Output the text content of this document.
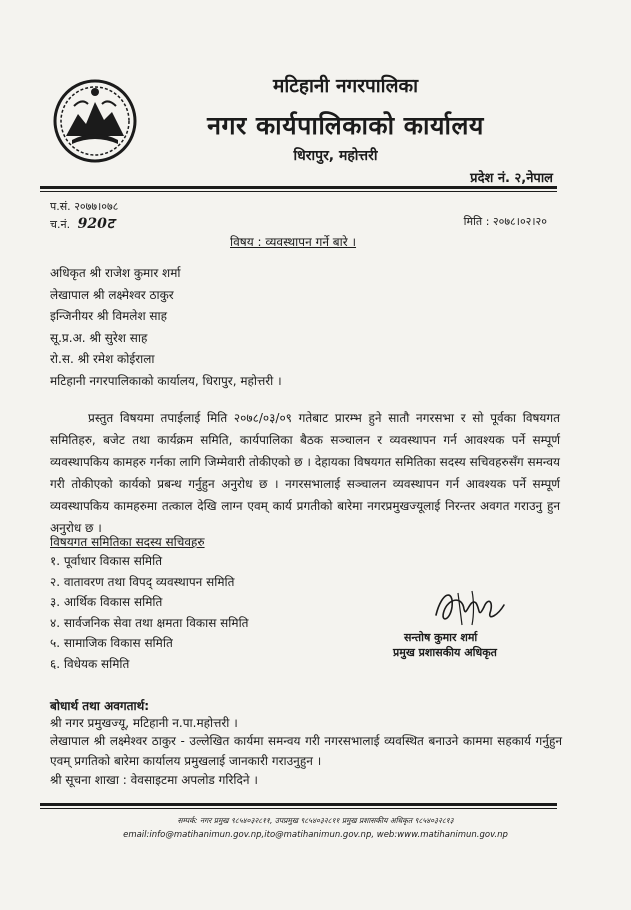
मटिहानी नगरपालिका
नगर कार्यपालिकाको कार्यालय
धिरापुर, महोत्तरी
प्रदेश नं. २,नेपाल
प.सं. २०७७।०७८
च.नं. 920ट	मिति : २०७८।०२।२०
विषय : व्यवस्थापन गर्ने बारे ।
अधिकृत श्री राजेश कुमार शर्मा
लेखापाल श्री लक्ष्मेश्वर ठाकुर
इन्जिनीयर श्री विमलेश साह
सू.प्र.अ. श्री सुरेश साह
रो.स. श्री रमेश कोईराला
मटिहानी नगरपालिकाको कार्यालय, धिरापुर, महोत्तरी ।
प्रस्तुत विषयमा तपाईलाई मिति २०७८/०३/०९ गतेबाट प्रारम्भ हुने सातौ नगरसभा र सो पूर्वका विषयगत समितिहरु, बजेट तथा कार्यक्रम समिति, कार्यपालिका बैठक सञ्चालन र व्यवस्थापन गर्न आवश्यक पर्ने सम्पूर्ण व्यवस्थापकिय कामहरु गर्नका लागि जिम्मेवारी तोकीएको छ । देहायका विषयगत समितिका सदस्य सचिवहरुसँग समन्वय गरी तोकीएको कार्यको प्रबन्ध गर्नुहुन अनुरोध छ । नगरसभालाई सञ्चालन व्यवस्थापन गर्न आवश्यक पर्ने सम्पूर्ण व्यवस्थापकिय कामहरुमा तत्काल देखि लाग्न एवम् कार्य प्रगतीको बारेमा नगरप्रमुखज्यूलाई निरन्तर अवगत गराउनु हुन अनुरोध छ ।
विषयगत समितिका सदस्य सचिवहरु
१. पूर्वाधार विकास समिति
२. वातावरण तथा विपद् व्यवस्थापन समिति
३. आर्थिक विकास समिति
४. सार्वजनिक सेवा तथा क्षमता विकास समिति
५. सामाजिक विकास समिति
६. विधेयक समिति
सन्तोष कुमार शर्मा
प्रमुख प्रशासकीय अधिकृत
बोधार्थ तथा अवगतार्थ:
श्री नगर प्रमुखज्यू, मटिहानी न.पा.महोत्तरी ।
लेखापाल श्री लक्ष्मेश्वर ठाकुर - उल्लेखित कार्यमा समन्वय गरी नगरसभालाई व्यवस्थित बनाउने काममा सहकार्य गर्नुहुन एवम् प्रगतिको बारेमा कार्यालय प्रमुखलाई जानकारी गराउनुहुन ।
श्री सूचना शाखा : वेवसाइटमा अपलोड गरिदिने ।
सम्पर्क: नगर प्रमुख ९८५४०३२८११, उपप्रमुख ९८५४०३२८११ प्रमुख प्रशासकीय अधिकृत ९८५४०३२८१३
email:info@matihanimun.gov.np,ito@matihanimun.gov.np, web:www.matihanimun.gov.np
